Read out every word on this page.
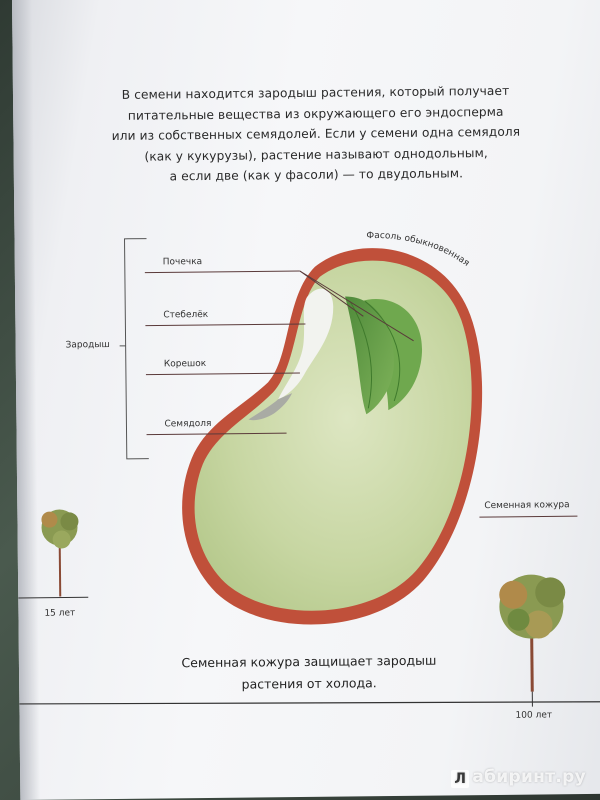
В семени находится зародыш растения, который получает
питательные вещества из окружающего его эндосперма
или из собственных семядолей. Если у семени одна семядоля
(как у кукурузы), растение называют однодольным,
а если две (как у фасоли) — то двудольным.
Фасоль обыкновенная
Зародыш
Почечка
Стебелёк
Корешок
Семядоля
Семенная кожура
15 лет
100 лет
Семенная кожура защищает зародыш
растения от холода.
Л абиринт.ру
